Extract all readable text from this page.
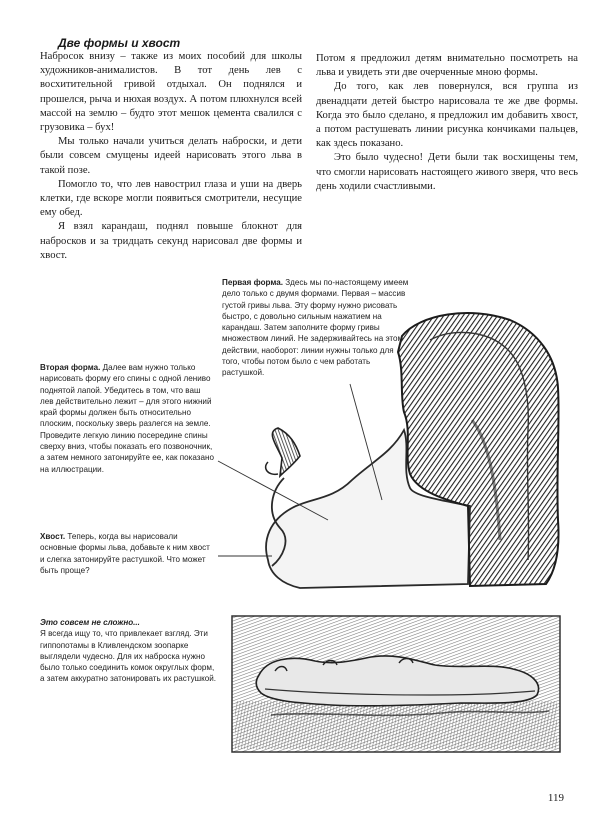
Две формы и хвост

Набросок внизу – также из моих пособий для школы художников-анималистов. В тот день лев с восхитительной гривой отдыхал. Он поднялся и прошелся, рыча и нюхая воздух. А потом плюхнулся всей массой на землю – будто этот мешок цемента свалился с грузовика – бух!

Мы только начали учиться делать наброски, и дети были совсем смущены идеей нарисовать этого льва в такой позе.

Помогло то, что лев навострил глаза и уши на дверь клетки, где вскоре могли появиться смотрители, несущие ему обед.

Я взял карандаш, поднял повыше блокнот для набросков и за тридцать секунд нарисовал две формы и хвост.

Потом я предложил детям внимательно посмотреть на льва и увидеть эти две очерченные мною формы.

До того, как лев повернулся, вся группа из двенадцати детей быстро нарисовала те же две формы. Когда это было сделано, я предложил им добавить хвост, а потом растушевать линии рисунка кончиками пальцев, как здесь показано.

Это было чудесно! Дети были так восхищены тем, что смогли нарисовать настоящего живого зверя, что весь день ходили счастливыми.

Первая форма. Здесь мы по-настоящему имеем дело только с двумя формами. Первая – массив густой гривы льва. Эту форму нужно рисовать быстро, с довольно сильным нажатием на карандаш. Затем заполните форму гривы множеством линий. Не задерживайтесь на этом действии, наоборот: линии нужны только для того, чтобы потом было с чем работать растушкой.
Вторая форма. Далее вам нужно только нарисовать форму его спины с одной лениво поднятой лапой. Убедитесь в том, что ваш лев действительно лежит – для этого нижний край формы должен быть относительно плоским, поскольку зверь разлегся на земле. Проведите легкую линию посередине спины сверху вниз, чтобы показать его позвоночник, а затем немного затонируйте ее, как показано на иллюстрации.
Хвост. Теперь, когда вы нарисовали основные формы льва, добавьте к ним хвост и слегка затонируйте растушкой. Что может быть проще?
Это совсем не сложно...
Я всегда ищу то, что привлекает взгляд. Эти гиппопотамы в Кливлендском зоопарке выглядели чудесно. Для их наброска нужно было только соединить комок округлых форм, а затем аккуратно затонировать их растушкой.
119
